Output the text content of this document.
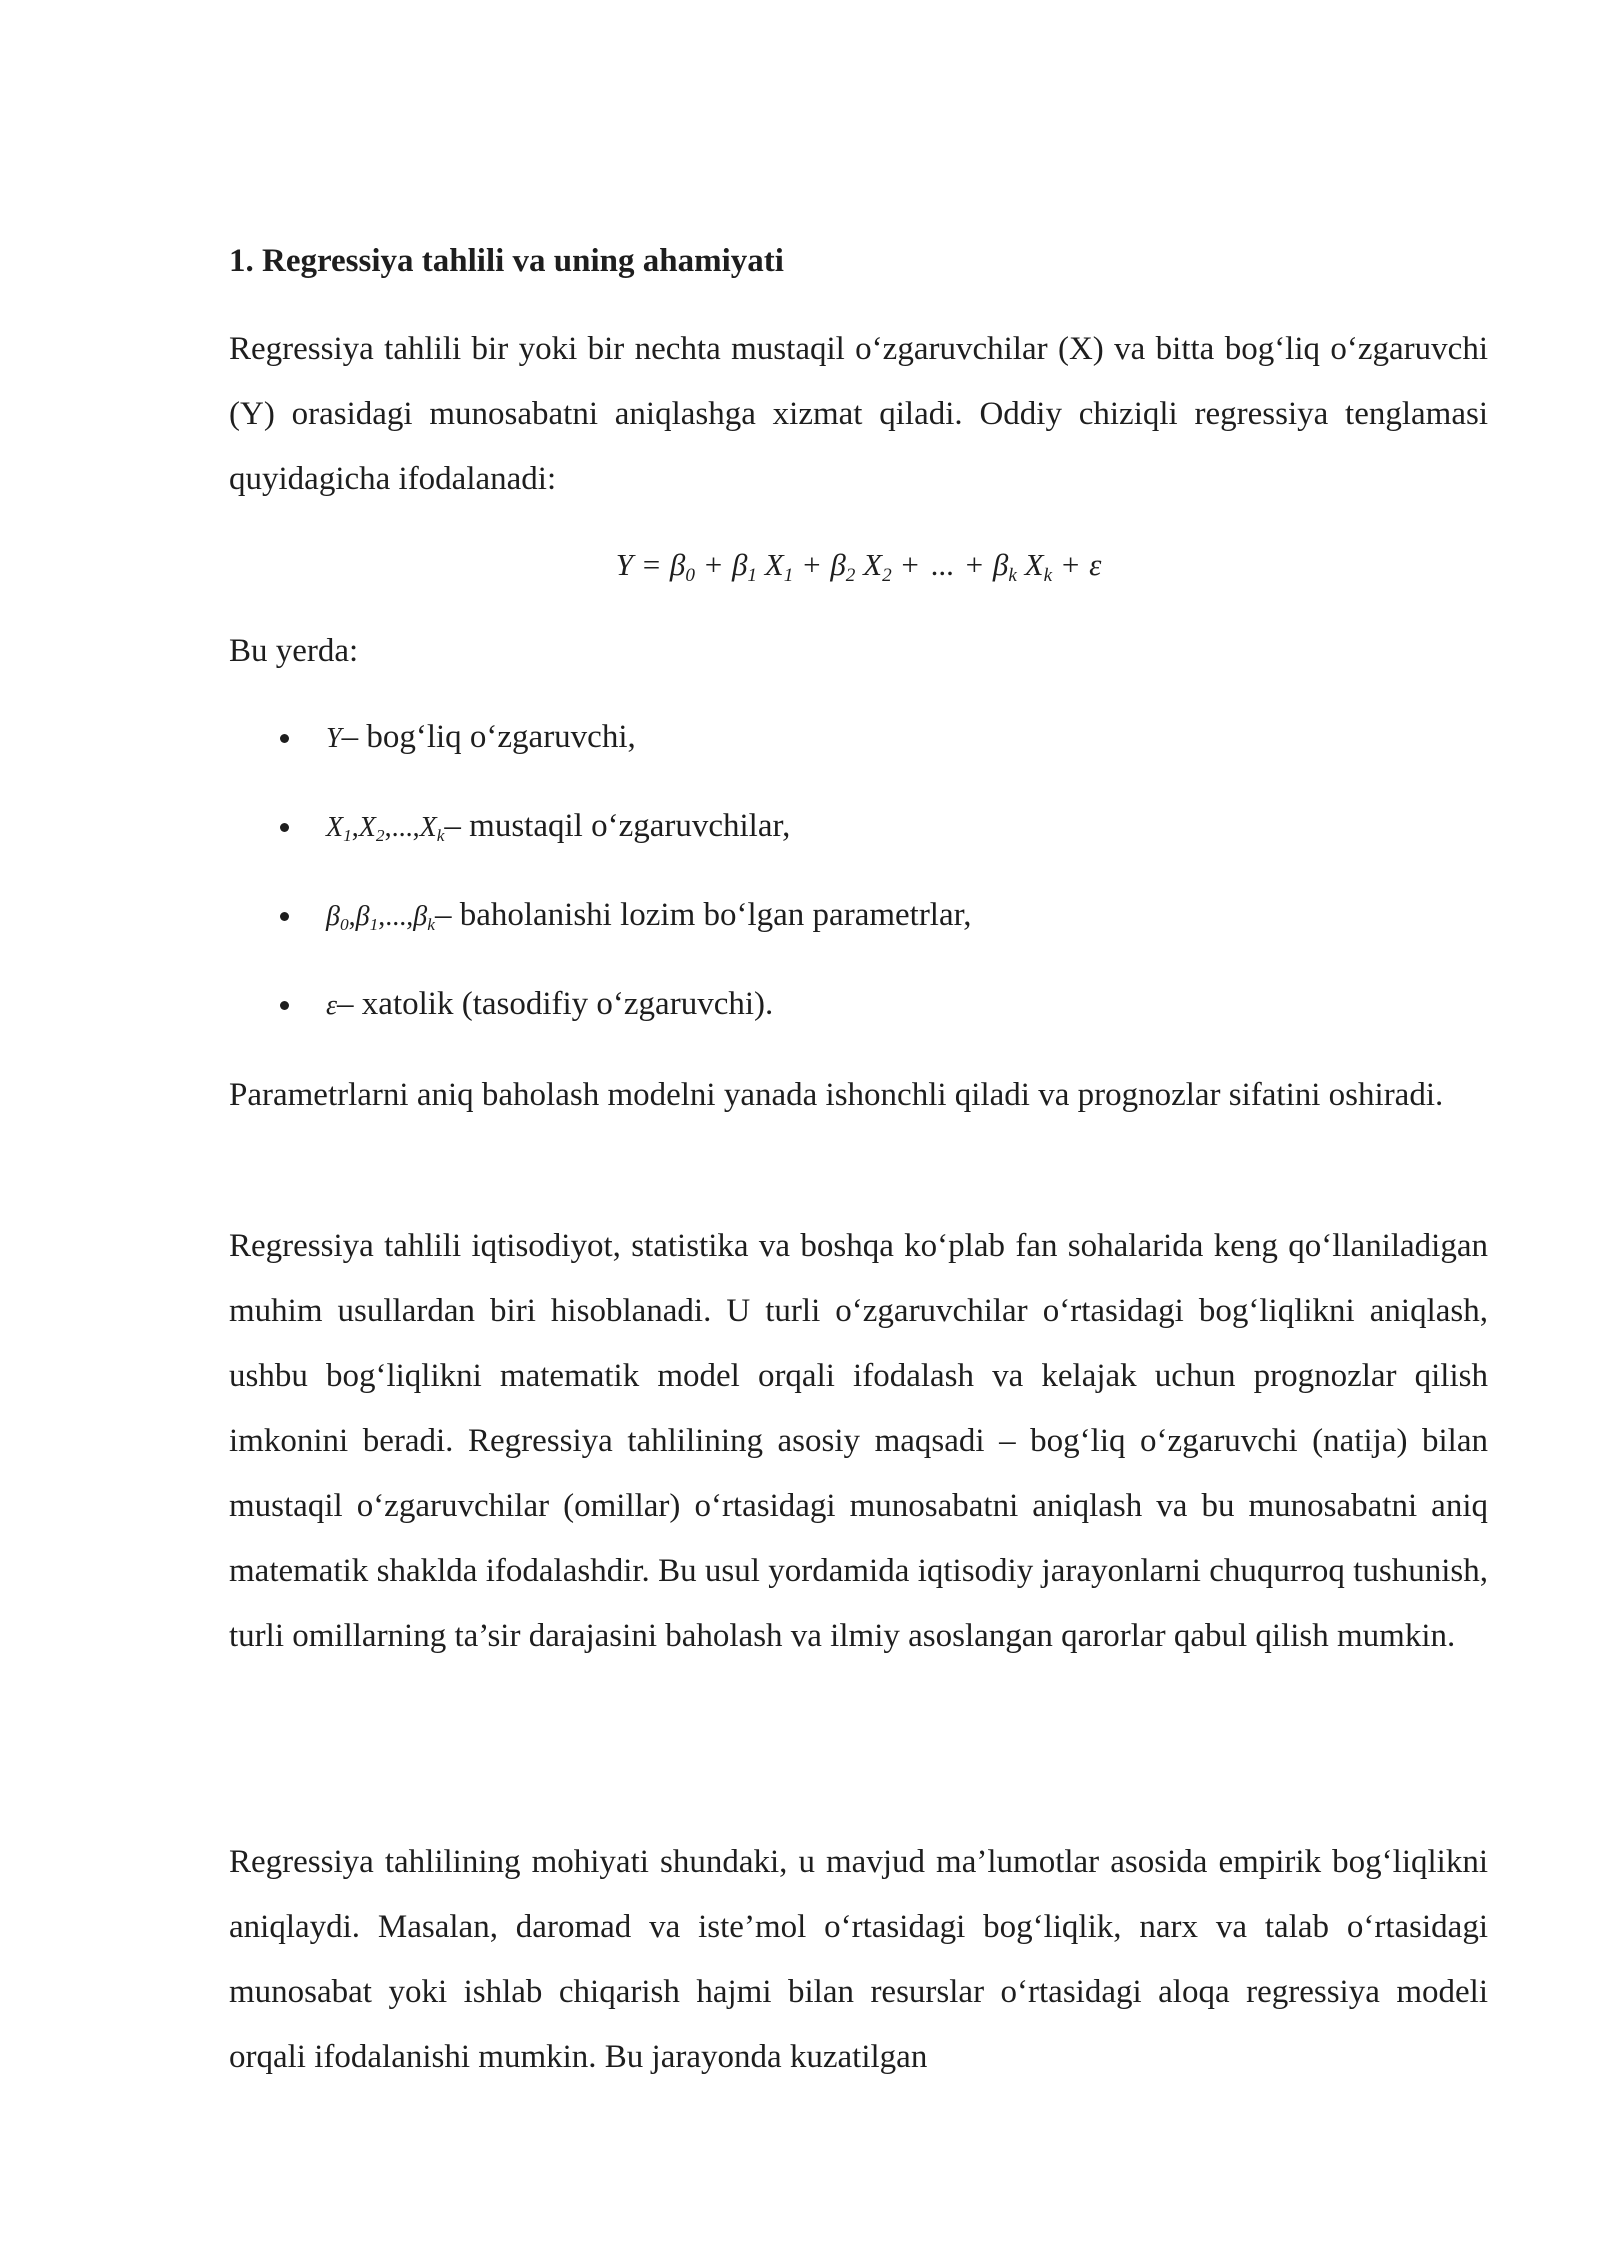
1. Regressiya tahlili va uning ahamiyati

Regressiya tahlili bir yoki bir nechta mustaqil o‘zgaruvchilar (X) va bitta bog‘liq o‘zgaruvchi (Y) orasidagi munosabatni aniqlashga xizmat qiladi. Oddiy chiziqli regressiya tenglamasi quyidagicha ifodalanadi:

$Y = \beta_0 + \beta_1$ $X_1 + \beta_2$ $X_2$ + ... + $\beta_k$ $X_k + \varepsilon$

Bu yerda:

Y– bog‘liq o‘zgaruvchi,
$X_1,X_2,...,X_k-$ mustaqil o‘zgaruvchilar,
$\beta_0,\beta_1,...,\beta_k-$ baholanishi lozim bo‘lgan parametrlar,
ε– xatolik (tasodifiy o‘zgaruvchi).

Parametrlarni aniq baholash modelni yanada ishonchli qiladi va prognozlar sifatini oshiradi.

Regressiya tahlili iqtisodiyot, statistika va boshqa ko‘plab fan sohalarida keng qo‘llaniladigan muhim usullardan biri hisoblanadi. U turli o‘zgaruvchilar o‘rtasidagi bog‘liqlikni aniqlash, ushbu bog‘liqlikni matematik model orqali ifodalash va kelajak uchun prognozlar qilish imkonini beradi. Regressiya tahlilining asosiy maqsadi – bog‘liq o‘zgaruvchi (natija) bilan mustaqil o‘zgaruvchilar (omillar) o‘rtasidagi munosabatni aniqlash va bu munosabatni aniq matematik shaklda ifodalashdir. Bu usul yordamida iqtisodiy jarayonlarni chuqurroq tushunish, turli omillarning ta’sir darajasini baholash va ilmiy asoslangan qarorlar qabul qilish mumkin.

Regressiya tahlilining mohiyati shundaki, u mavjud ma’lumotlar asosida empirik bog‘liqlikni aniqlaydi. Masalan, daromad va iste’mol o‘rtasidagi bog‘liqlik, narx va talab o‘rtasidagi munosabat yoki ishlab chiqarish hajmi bilan resurslar o‘rtasidagi aloqa regressiya modeli orqali ifodalanishi mumkin. Bu jarayonda kuzatilgan
